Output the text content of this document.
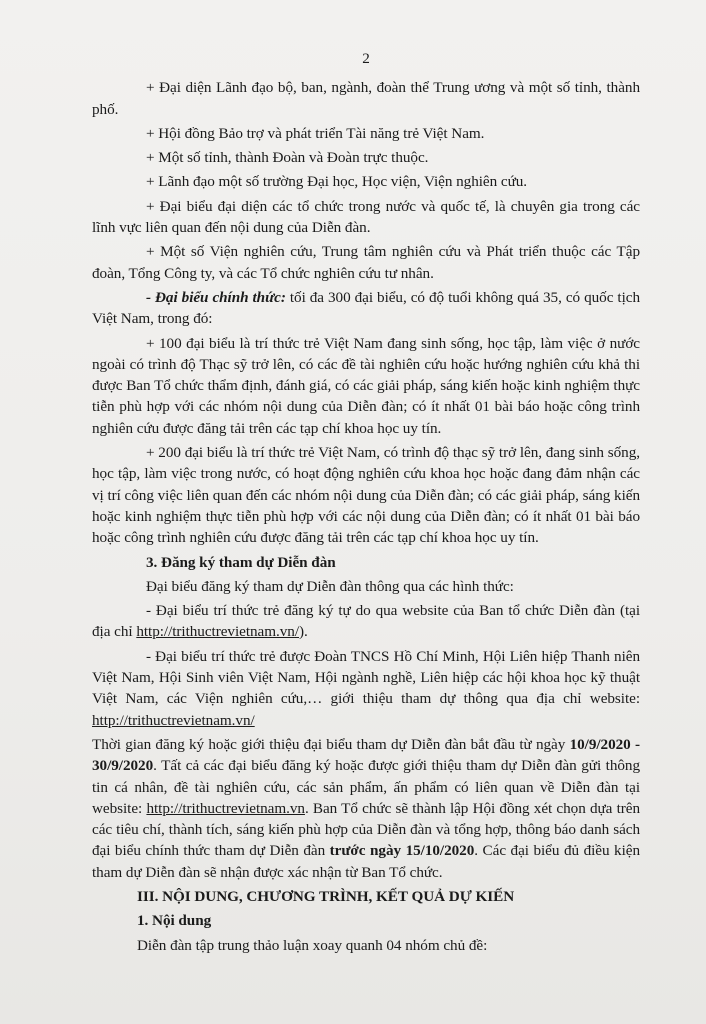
2

+ Đại diện Lãnh đạo bộ, ban, ngành, đoàn thể Trung ương và một số tỉnh, thành phố.

+ Hội đồng Bảo trợ và phát triển Tài năng trẻ Việt Nam.

+ Một số tỉnh, thành Đoàn và Đoàn trực thuộc.

+ Lãnh đạo một số trường Đại học, Học viện, Viện nghiên cứu.

+ Đại biểu đại diện các tổ chức trong nước và quốc tế, là chuyên gia trong các lĩnh vực liên quan đến nội dung của Diễn đàn.

+ Một số Viện nghiên cứu, Trung tâm nghiên cứu và Phát triển thuộc các Tập đoàn, Tổng Công ty, và các Tổ chức nghiên cứu tư nhân.

- Đại biểu chính thức: tối đa 300 đại biểu, có độ tuổi không quá 35, có quốc tịch Việt Nam, trong đó:

+ 100 đại biểu là trí thức trẻ Việt Nam đang sinh sống, học tập, làm việc ở nước ngoài có trình độ Thạc sỹ trở lên, có các đề tài nghiên cứu hoặc hướng nghiên cứu khả thi được Ban Tổ chức thẩm định, đánh giá, có các giải pháp, sáng kiến hoặc kinh nghiệm thực tiễn phù hợp với các nhóm nội dung của Diễn đàn; có ít nhất 01 bài báo hoặc công trình nghiên cứu được đăng tải trên các tạp chí khoa học uy tín.

+ 200 đại biểu là trí thức trẻ Việt Nam, có trình độ thạc sỹ trở lên, đang sinh sống, học tập, làm việc trong nước, có hoạt động nghiên cứu khoa học hoặc đang đảm nhận các vị trí công việc liên quan đến các nhóm nội dung của Diễn đàn; có các giải pháp, sáng kiến hoặc kinh nghiệm thực tiễn phù hợp với các nội dung của Diễn đàn; có ít nhất 01 bài báo hoặc công trình nghiên cứu được đăng tải trên các tạp chí khoa học uy tín.

3. Đăng ký tham dự Diễn đàn

Đại biểu đăng ký tham dự Diễn đàn thông qua các hình thức:

- Đại biểu trí thức trẻ đăng ký tự do qua website của Ban tổ chức Diễn đàn (tại địa chỉ http://trithuctrevietnam.vn/).

- Đại biểu trí thức trẻ được Đoàn TNCS Hồ Chí Minh, Hội Liên hiệp Thanh niên Việt Nam, Hội Sinh viên Việt Nam, Hội ngành nghề, Liên hiệp các hội khoa học kỹ thuật Việt Nam, các Viện nghiên cứu,… giới thiệu tham dự thông qua địa chỉ website: http://trithuctrevietnam.vn/

Thời gian đăng ký hoặc giới thiệu đại biểu tham dự Diễn đàn bắt đầu từ ngày 10/9/2020 - 30/9/2020. Tất cả các đại biểu đăng ký hoặc được giới thiệu tham dự Diễn đàn gửi thông tin cá nhân, đề tài nghiên cứu, các sản phẩm, ấn phẩm có liên quan về Diễn đàn tại website: http://trithuctrevietnam.vn. Ban Tổ chức sẽ thành lập Hội đồng xét chọn dựa trên các tiêu chí, thành tích, sáng kiến phù hợp của Diễn đàn và tổng hợp, thông báo danh sách đại biểu chính thức tham dự Diễn đàn trước ngày 15/10/2020. Các đại biểu đủ điều kiện tham dự Diễn đàn sẽ nhận được xác nhận từ Ban Tổ chức.

III. NỘI DUNG, CHƯƠNG TRÌNH, KẾT QUẢ DỰ KIẾN

1. Nội dung

Diễn đàn tập trung thảo luận xoay quanh 04 nhóm chủ đề:
